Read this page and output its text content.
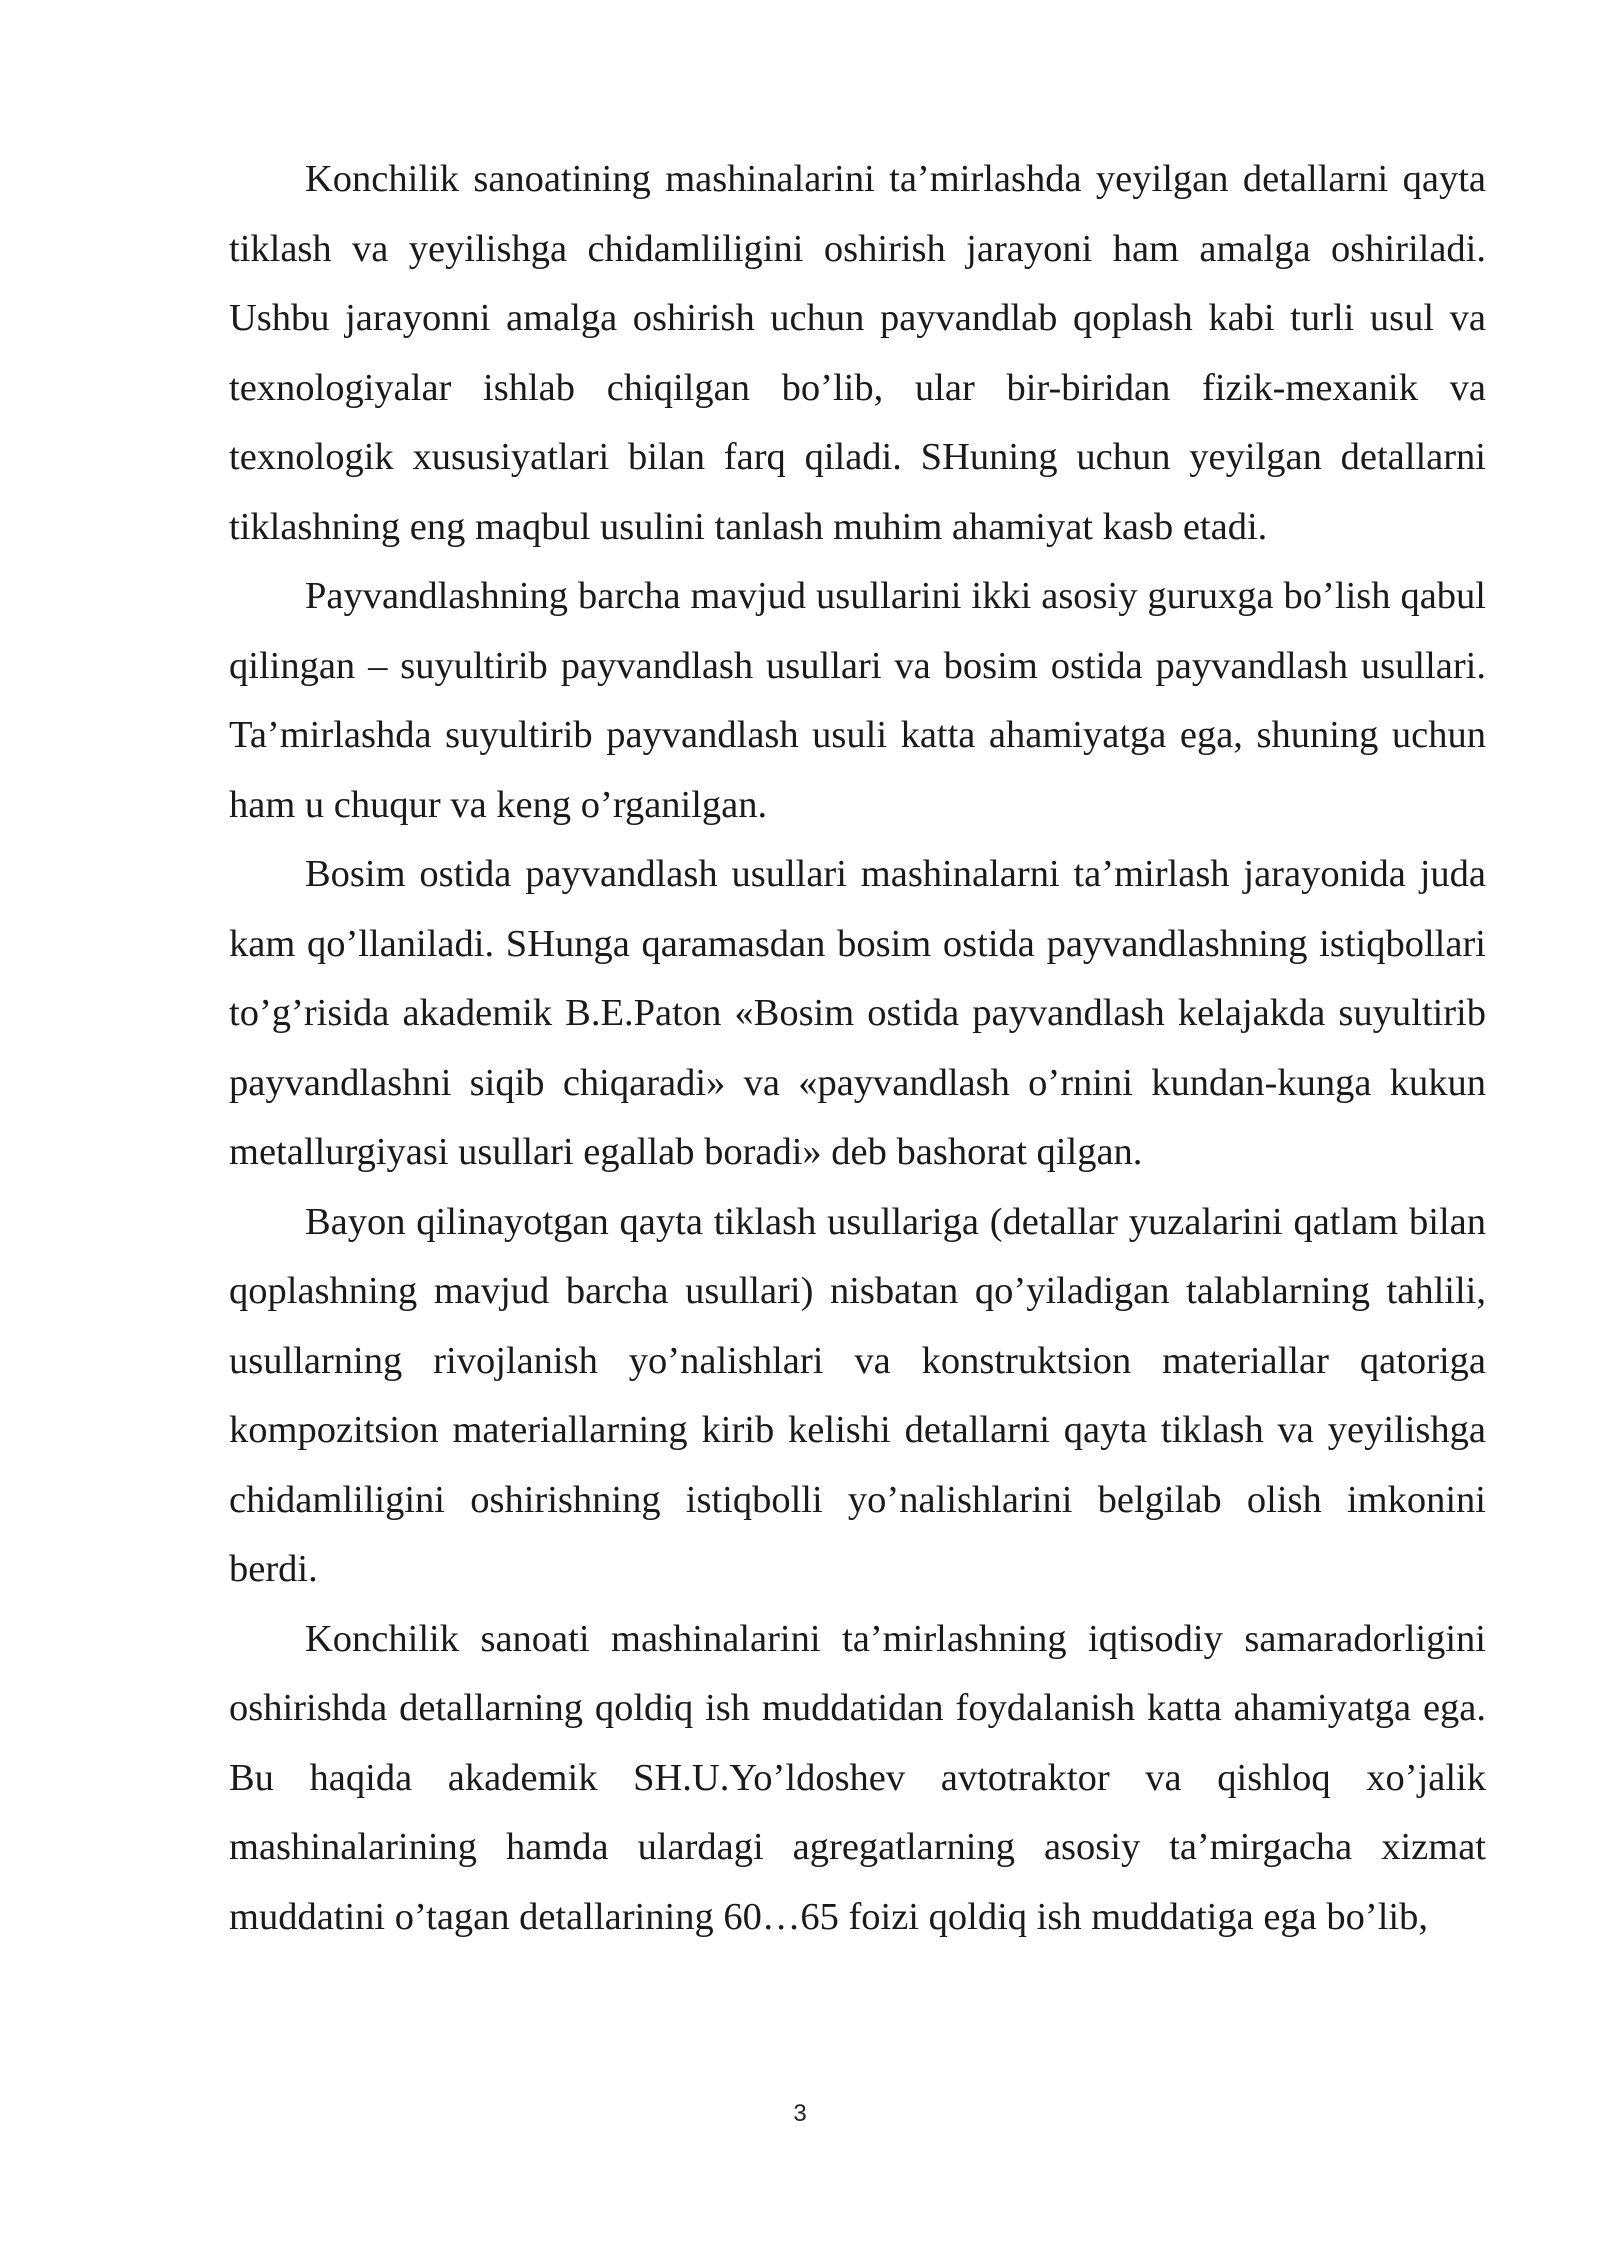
Konchilik sanoatining mashinalarini ta’mirlashda yeyilgan detallarni qayta tiklash va yeyilishga chidamliligini oshirish jarayoni ham amalga oshiriladi. Ushbu jarayonni amalga oshirish uchun payvandlab qoplash kabi turli usul va texnologiyalar ishlab chiqilgan bo’lib, ular bir-biridan fizik-mexanik va texnologik xususiyatlari bilan farq qiladi. SHuning uchun yeyilgan detallarni tiklashning eng maqbul usulini tanlash muhim ahamiyat kasb etadi.

Payvandlashning barcha mavjud usullarini ikki asosiy guruxga bo’lish qabul qilingan – suyultirib payvandlash usullari va bosim ostida payvandlash usullari. Ta’mirlashda suyultirib payvandlash usuli katta ahamiyatga ega, shuning uchun ham u chuqur va keng o’rganilgan.

Bosim ostida payvandlash usullari mashinalarni ta’mirlash jarayonida juda kam qo’llaniladi. SHunga qaramasdan bosim ostida payvandlashning istiqbollari to’g’risida akademik B.E.Paton «Bosim ostida payvandlash kelajakda suyultirib payvandlashni siqib chiqaradi» va «payvandlash o’rnini kundan-kunga kukun metallurgiyasi usullari egallab boradi» deb bashorat qilgan.

Bayon qilinayotgan qayta tiklash usullariga (detallar yuzalarini qatlam bilan qoplashning mavjud barcha usullari) nisbatan qo’yiladigan talablarning tahlili, usullarning rivojlanish yo’nalishlari va konstruktsion materiallar qatoriga kompozitsion materiallarning kirib kelishi detallarni qayta tiklash va yeyilishga chidamliligini oshirishning istiqbolli yo’nalishlarini belgilab olish imkonini berdi.

Konchilik sanoati mashinalarini ta’mirlashning iqtisodiy samaradorligini oshirishda detallarning qoldiq ish muddatidan foydalanish katta ahamiyatga ega. Bu haqida akademik SH.U.Yo’ldoshev avtotraktor va qishloq xo’jalik mashinalarining hamda ulardagi agregatlarning asosiy ta’mirgacha xizmat muddatini o’tagan detallarining 60…65 foizi qoldiq ish muddatiga ega bo’lib,

3
